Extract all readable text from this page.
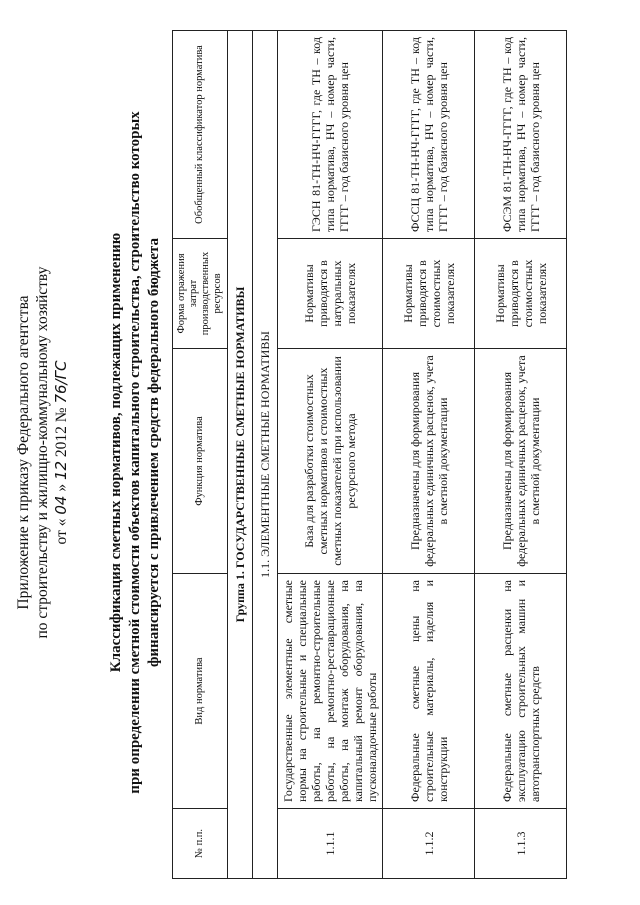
Приложение к приказу Федерального агентства по строительству и жилищно-коммунальному хозяйству от « 04 » 12 2012 № 76/ГС	Классификация сметных нормативов, подлежащих применению при определении сметной стоимости объектов капитального строительства, строительство которых финансируется с привлечением средств федерального бюджета
№ п.п.	Вид норматива	Функция норматива	Форма отражения затрат производственных ресурсов	Обобщенный классификатор норматива
Группа 1. ГОСУДАРСТВЕННЫЕ СМЕТНЫЕ НОРМАТИВЫ				
1.1. ЭЛЕМЕНТНЫЕ СМЕТНЫЕ НОРМАТИВЫ				
1.1.1	Государственные элементные сметные нормы на строительные и специальные работы, на ремонтно-строительные работы, на ремонтно-реставрационные работы, на монтаж оборудования, на капитальный ремонт оборудования, на пусконаладочные работы	База для разработки стоимостных сметных нормативов и стоимостных сметных показателей при использовании ресурсного метода	Нормативы приводятся в натуральных показателях	ГЭСН 81-ТН-НЧ-ГГГГ, где ТН – код типа норматива, НЧ – номер части, ГГГГ – год базисного уровня цен
1.1.2	Федеральные сметные цены на строительные материалы, изделия и конструкции	Предназначены для формирования федеральных единичных расценок, учета в сметной документации	Нормативы приводятся в стоимостных показателях	ФССЦ 81-ТН-НЧ-ГГГГ, где ТН – код типа норматива, НЧ – номер части, ГГГГ – год базисного уровня цен
1.1.3	Федеральные сметные расценки на эксплуатацию строительных машин и автотранспортных средств	Предназначены для формирования федеральных единичных расценок, учета в сметной документации	Нормативы приводятся в стоимостных показателях	ФСЭМ 81-ТН-НЧ-ГГГГ, где ТН – код типа норматива, НЧ – номер части, ГГГГ – год базисного уровня цен
